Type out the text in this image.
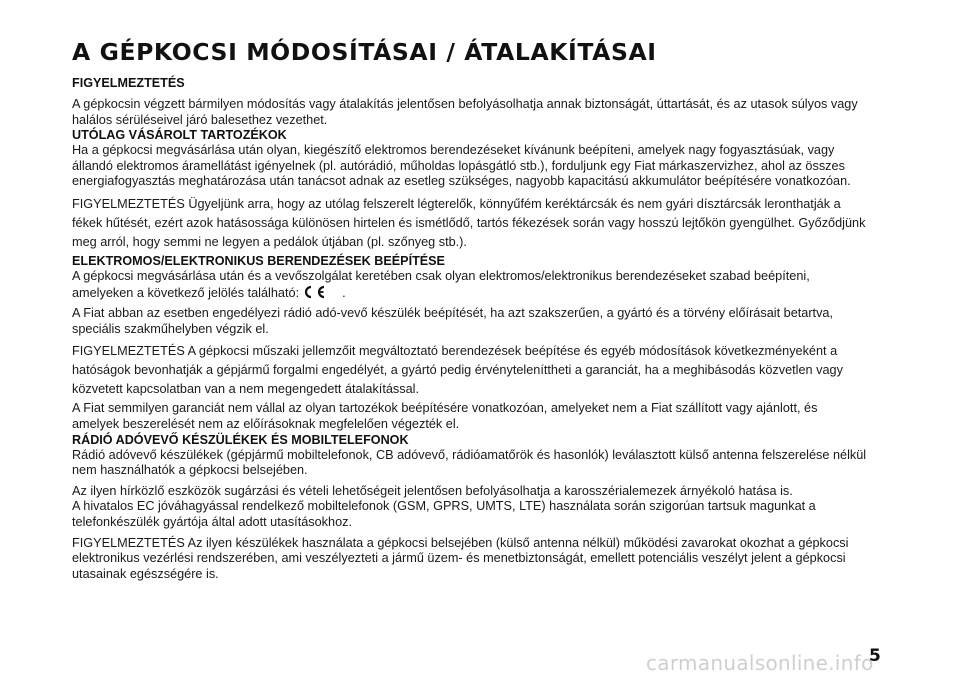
A GÉPKOCSI MÓDOSÍTÁSAI / ÁTALAKÍTÁSAI
FIGYELMEZTETÉS

A gépkocsin végzett bármilyen módosítás vagy átalakítás jelentősen befolyásolhatja annak biztonságát, úttartását, és az utasok súlyos vagy halálos sérüléseivel járó balesethez vezethet.

UTÓLAG VÁSÁROLT TARTOZÉKOK

Ha a gépkocsi megvásárlása után olyan, kiegészítő elektromos berendezéseket kívánunk beépíteni, amelyek nagy fogyasztásúak, vagy állandó elektromos áramellátást igényelnek (pl. autórádió, műholdas lopásgátló stb.), forduljunk egy Fiat márkaszervizhez, ahol az összes energiafogyasztás meghatározása után tanácsot adnak az esetleg szükséges, nagyobb kapacitású akkumulátor beépítésére vonatkozóan.

FIGYELMEZTETÉS Ügyeljünk arra, hogy az utólag felszerelt légterelők, könnyűfém keréktárcsák és nem gyári dísztárcsák leronthatják a fékek hűtését, ezért azok hatásossága különösen hirtelen és ismétlődő, tartós fékezések során vagy hosszú lejtőkön gyengülhet. Győződjünk meg arról, hogy semmi ne legyen a pedálok útjában (pl. szőnyeg stb.).

ELEKTROMOS/ELEKTRONIKUS BERENDEZÉSEK BEÉPÍTÉSE

A gépkocsi megvásárlása után és a vevőszolgálat keretében csak olyan elektromos/elektronikus berendezéseket szabad beépíteni, amelyeken a következő jelölés található:	.

A Fiat abban az esetben engedélyezi rádió adó-vevő készülék beépítését, ha azt szakszerűen, a gyártó és a törvény előírásait betartva, speciális szakműhelyben végzik el.

FIGYELMEZTETÉS A gépkocsi műszaki jellemzőit megváltoztató berendezések beépítése és egyéb módosítások következményeként a hatóságok bevonhatják a gépjármű forgalmi engedélyét, a gyártó pedig érvényteleníttheti a garanciát, ha a meghibásodás közvetlen vagy közvetett kapcsolatban van a nem megengedett átalakítással.

A Fiat semmilyen garanciát nem vállal az olyan tartozékok beépítésére vonatkozóan, amelyeket nem a Fiat szállított vagy ajánlott, és amelyek beszerelését nem az előírásoknak megfelelően végezték el.

RÁDIÓ ADÓVEVŐ KÉSZÜLÉKEK ÉS MOBILTELEFONOK

Rádió adóvevő készülékek (gépjármű mobiltelefonok, CB adóvevő, rádióamatőrök és hasonlók) leválasztott külső antenna felszerelése nélkül nem használhatók a gépkocsi belsejében.

Az ilyen hírközlő eszközök sugárzási és vételi lehetőségeit jelentősen befolyásolhatja a karosszérialemezek árnyékoló hatása is.

A hivatalos EC jóváhagyással rendelkező mobiltelefonok (GSM, GPRS, UMTS, LTE) használata során szigorúan tartsuk magunkat a telefonkészülék gyártója által adott utasításokhoz.

FIGYELMEZTETÉS Az ilyen készülékek használata a gépkocsi belsejében (külső antenna nélkül) működési zavarokat okozhat a gépkocsi elektronikus vezérlési rendszerében, ami veszélyezteti a jármű üzem- és menetbiztonságát, emellett potenciális veszélyt jelent a gépkocsi utasainak egészségére is.

carmanualsonline.info
5
